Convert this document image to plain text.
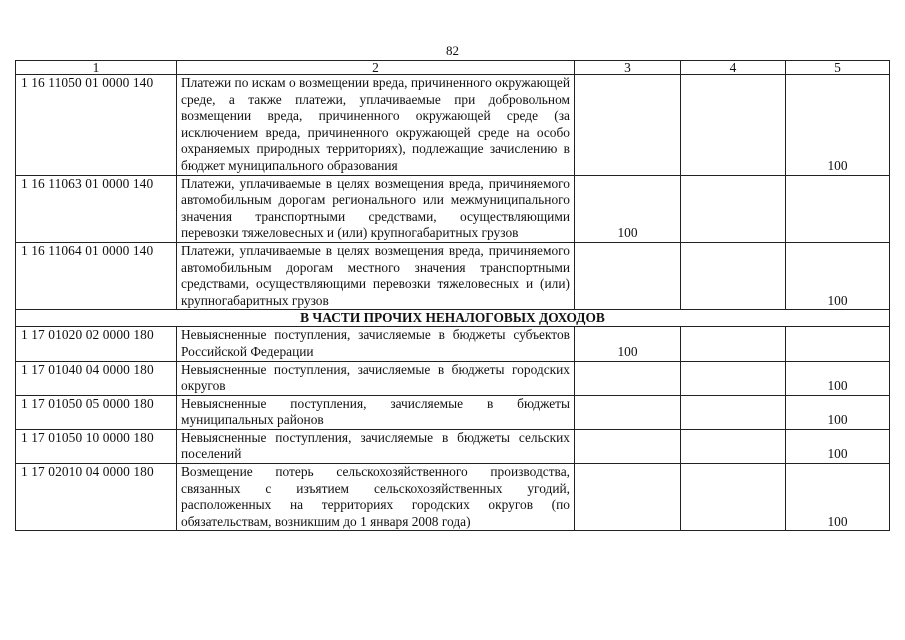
82
1	2	3	4	5
1 16 11050 01 0000 140	Платежи по искам о возмещении вреда, причиненного окружающей среде, а также платежи, уплачиваемые при добровольном возмещении вреда, причиненного окружающей среде (за исключением вреда, причиненного окружающей среде на особо охраняемых природных территориях), подлежащие зачислению в бюджет муниципального образования			100
1 16 11063 01 0000 140	Платежи, уплачиваемые в целях возмещения вреда, причиняемого автомобильным дорогам регионального или межмуниципального значения транспортными средствами, осуществляющими перевозки тяжеловесных и (или) крупногабаритных грузов	100		
1 16 11064 01 0000 140	Платежи, уплачиваемые в целях возмещения вреда, причиняемого автомобильным дорогам местного значения транспортными средствами, осуществляющими перевозки тяжеловесных и (или) крупногабаритных грузов			100
В ЧАСТИ ПРОЧИХ НЕНАЛОГОВЫХ ДОХОДОВ				
1 17 01020 02 0000 180	Невыясненные поступления, зачисляемые в бюджеты субъектов Российской Федерации	100		
1 17 01040 04 0000 180	Невыясненные поступления, зачисляемые в бюджеты городских округов			100
1 17 01050 05 0000 180	Невыясненные поступления, зачисляемые в бюджеты муниципальных районов			100
1 17 01050 10 0000 180	Невыясненные поступления, зачисляемые в бюджеты сельских поселений			100
1 17 02010 04 0000 180	Возмещение потерь сельскохозяйственного производства, связанных с изъятием сельскохозяйственных угодий, расположенных на территориях городских округов (по обязательствам, возникшим до 1 января 2008 года)			100
